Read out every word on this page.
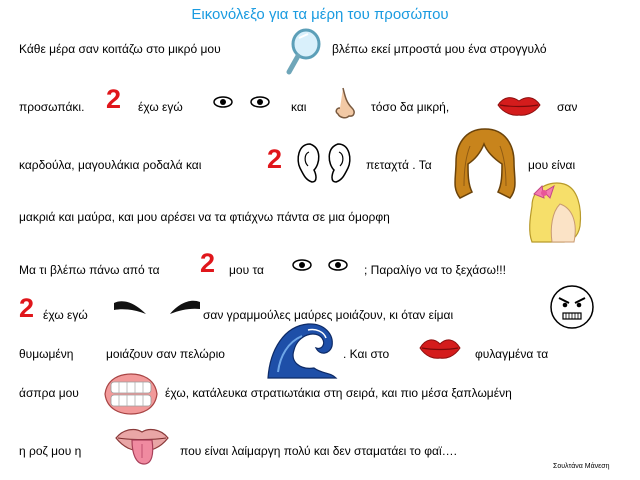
Εικονόλεξο για τα μέρη του προσώπου
Κάθε μέρα σαν κοιτάζω στο μικρό μου	βλέπω εκεί μπροστά μου ένα στρογγυλό
προσωπάκι. 2 έχω εγώ	και	τόσο δα μικρή,	σαν
καρδούλα, μαγουλάκια ροδαλά και 2	πεταχτά . Τα	μου είναι
μακριά και μαύρα, και μου αρέσει να τα φτιάχνω πάντα σε μια όμορφη
Μα τι βλέπω πάνω από τα 2 μου τα	; Παραλίγο να το ξεχάσω!!!
2 έχω εγώ	σαν γραμμούλες μαύρες μοιάζουν, κι όταν είμαι
θυμωμένη	μοιάζουν σαν πελώριο	. Και στο	φυλαγμένα τα
άσπρα μου	έχω, κατάλευκα στρατιωτάκια στη σειρά, και πιο μέσα ξαπλωμένη
η ροζ μου η	που είναι λαίμαργη πολύ και δεν σταματάει το φαϊ….
Σουλτάνα Μάνεση
